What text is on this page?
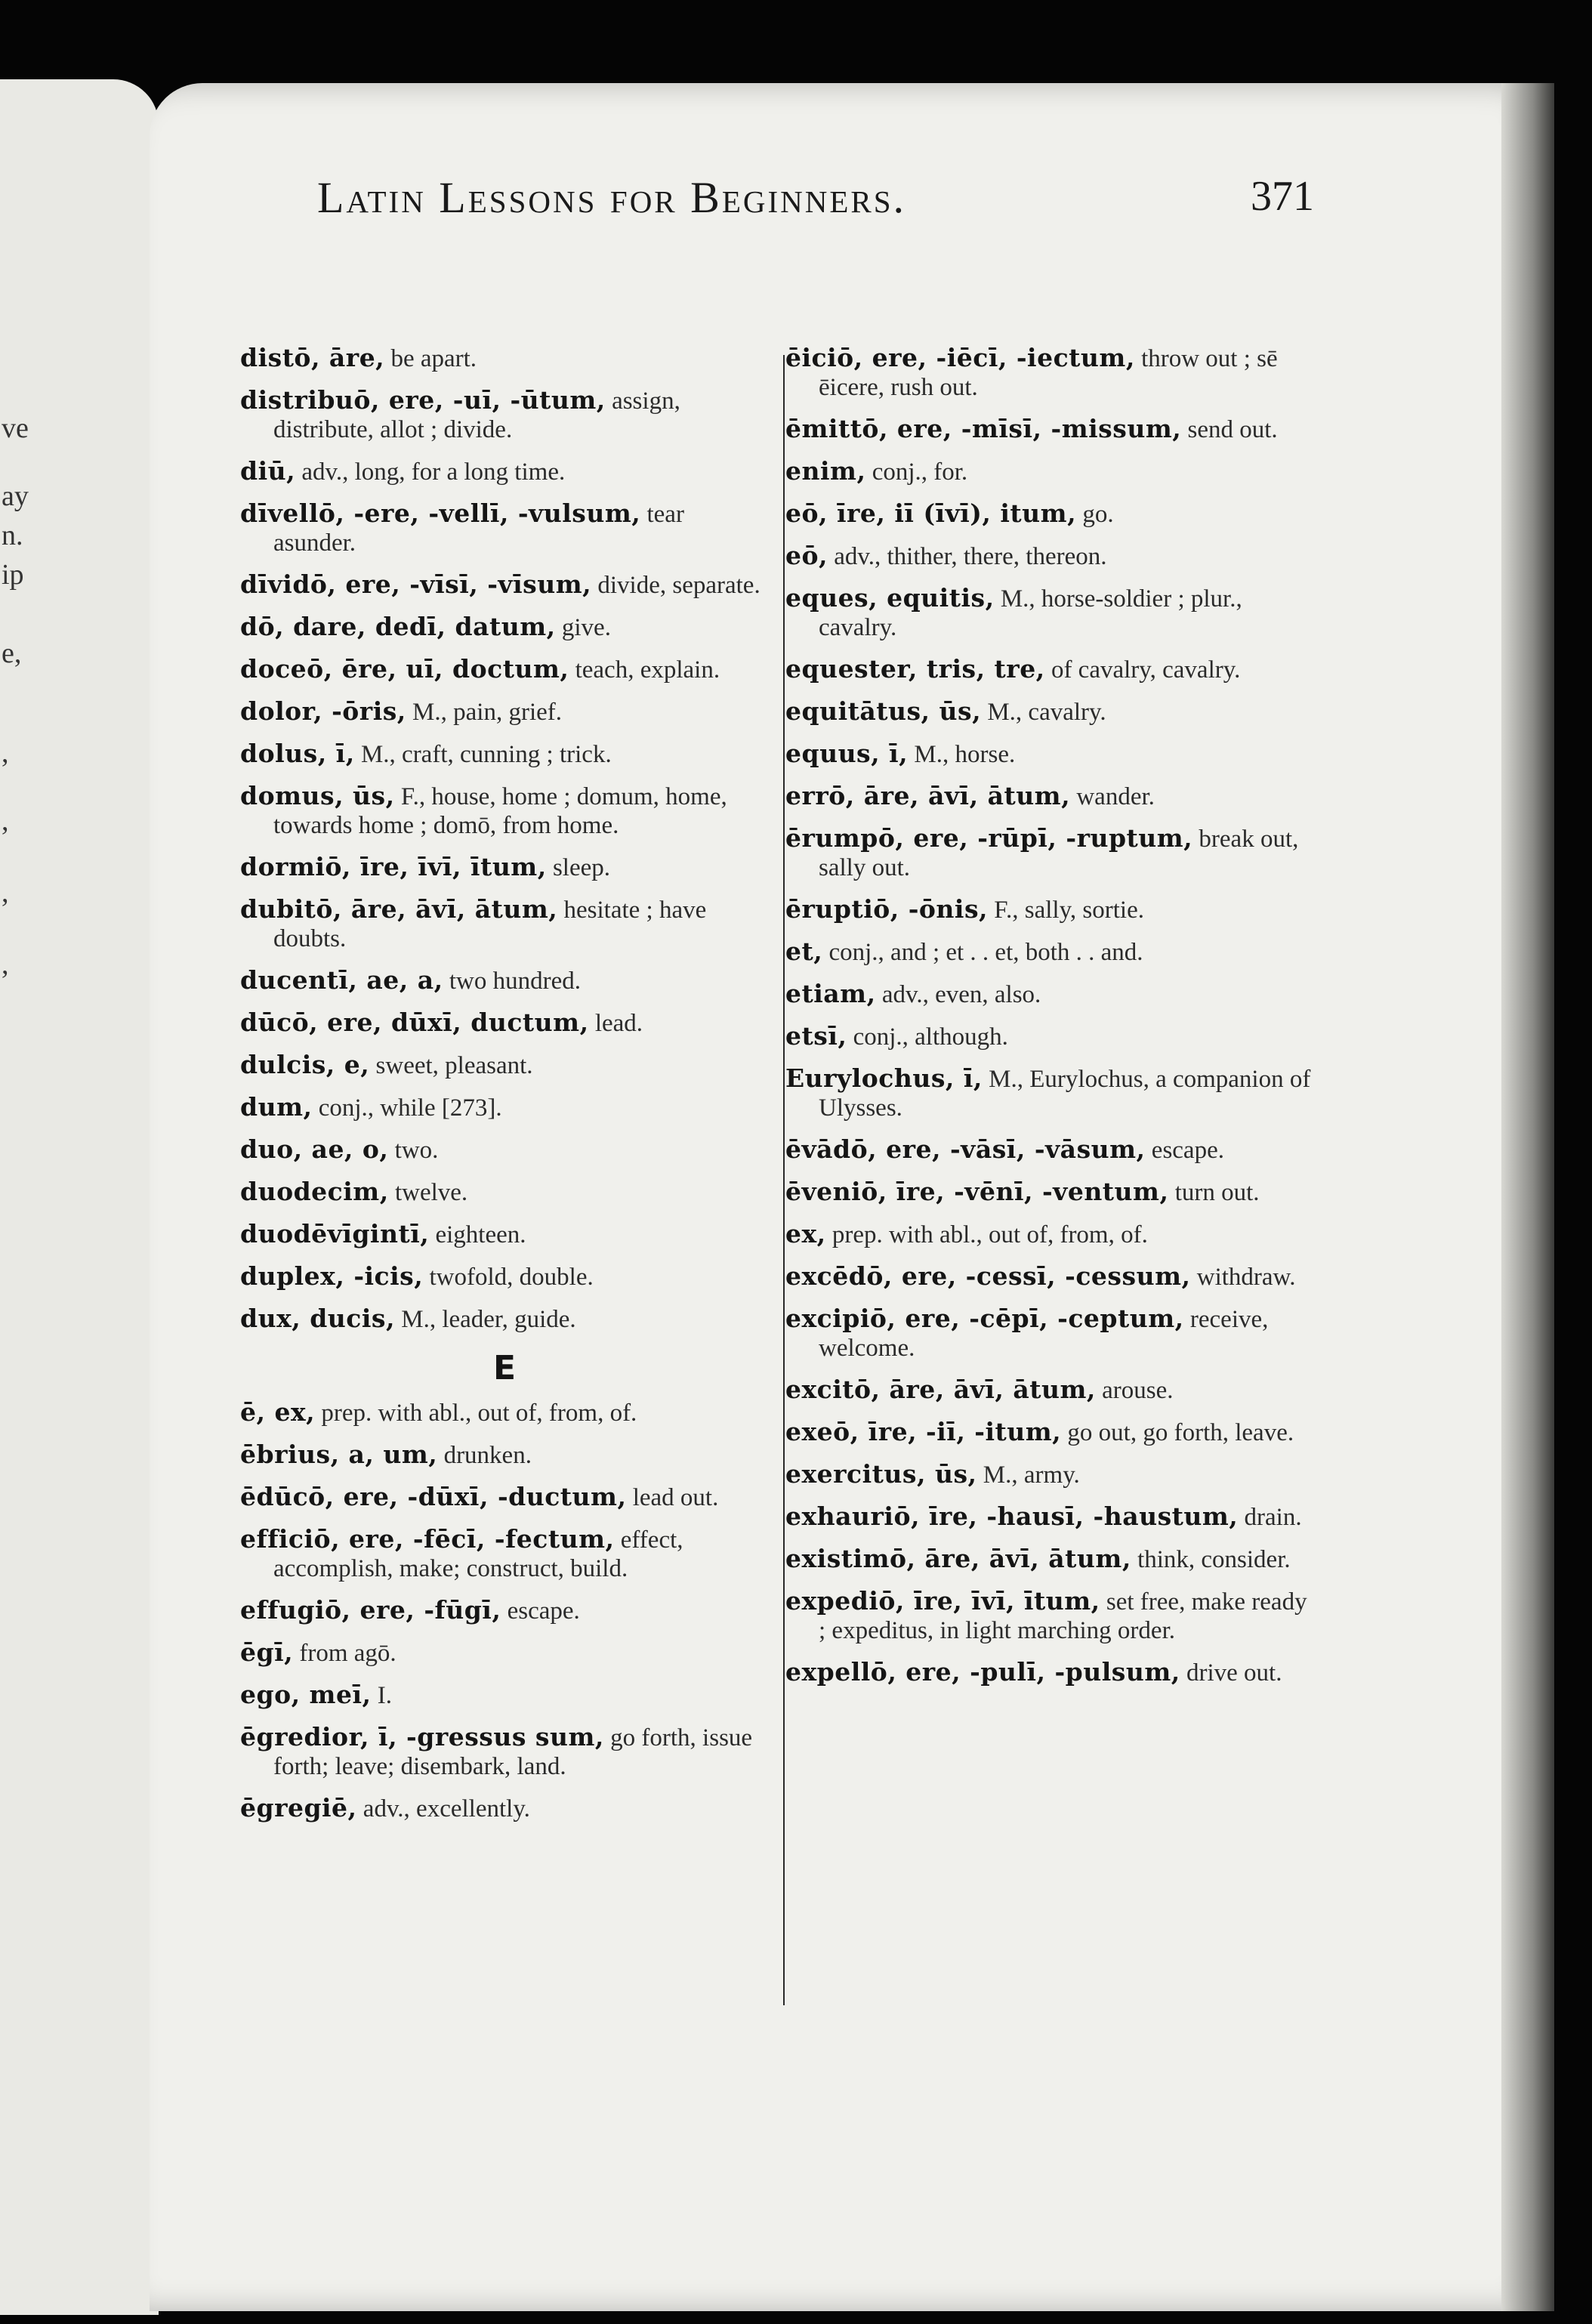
ve
ay
n.
ip
e,
,
,
,
,
Latin Lessons for Beginners.	371
distō, āre, be apart.
distribuō, ere, -uī, -ūtum, assign, distribute, allot ; divide.
diū, adv., long, for a long time.
dīvellō, -ere, -vellī, -vulsum, tear asunder.
dīvidō, ere, -vīsī, -vīsum, divide, separate.
dō, dare, dedī, datum, give.
doceō, ēre, uī, doctum, teach, explain.
dolor, -ōris, M., pain, grief.
dolus, ī, M., craft, cunning ; trick.
domus, ūs, F., house, home ; domum, home, towards home ; domō, from home.
dormiō, īre, īvī, ītum, sleep.
dubitō, āre, āvī, ātum, hesitate ; have doubts.
ducentī, ae, a, two hundred.
dūcō, ere, dūxī, ductum, lead.
dulcis, e, sweet, pleasant.
dum, conj., while [273].
duo, ae, o, two.
duodecim, twelve.
duodēvīgintī, eighteen.
duplex, -icis, twofold, double.
dux, ducis, M., leader, guide.
E
ē, ex, prep. with abl., out of, from, of.
ēbrius, a, um, drunken.
ēdūcō, ere, -dūxī, -ductum, lead out.
efficiō, ere, -fēcī, -fectum, effect, accomplish, make; construct, build.
effugiō, ere, -fūgī, escape.
ēgī, from agō.
ego, meī, I.
ēgredior, ī, -gressus sum, go forth, issue forth; leave; disembark, land.
ēgregiē, adv., excellently.
ēiciō, ere, -iēcī, -iectum, throw out ; sē ēicere, rush out.
ēmittō, ere, -mīsī, -missum, send out.
enim, conj., for.
eō, īre, iī (īvī), itum, go.
eō, adv., thither, there, thereon.
eques, equitis, M., horse-soldier ; plur., cavalry.
equester, tris, tre, of cavalry, cavalry.
equitātus, ūs, M., cavalry.
equus, ī, M., horse.
errō, āre, āvī, ātum, wander.
ērumpō, ere, -rūpī, -ruptum, break out, sally out.
ēruptiō, -ōnis, F., sally, sortie.
et, conj., and ; et . . et, both . . and.
etiam, adv., even, also.
etsī, conj., although.
Eurylochus, ī, M., Eurylochus, a companion of Ulysses.
ēvādō, ere, -vāsī, -vāsum, escape.
ēveniō, īre, -vēnī, -ventum, turn out.
ex, prep. with abl., out of, from, of.
excēdō, ere, -cessī, -cessum, withdraw.
excipiō, ere, -cēpī, -ceptum, receive, welcome.
excitō, āre, āvī, ātum, arouse.
exeō, īre, -iī, -itum, go out, go forth, leave.
exercitus, ūs, M., army.
exhauriō, īre, -hausī, -haustum, drain.
existimō, āre, āvī, ātum, think, consider.
expediō, īre, īvī, ītum, set free, make ready ; expeditus, in light marching order.
expellō, ere, -pulī, -pulsum, drive out.
